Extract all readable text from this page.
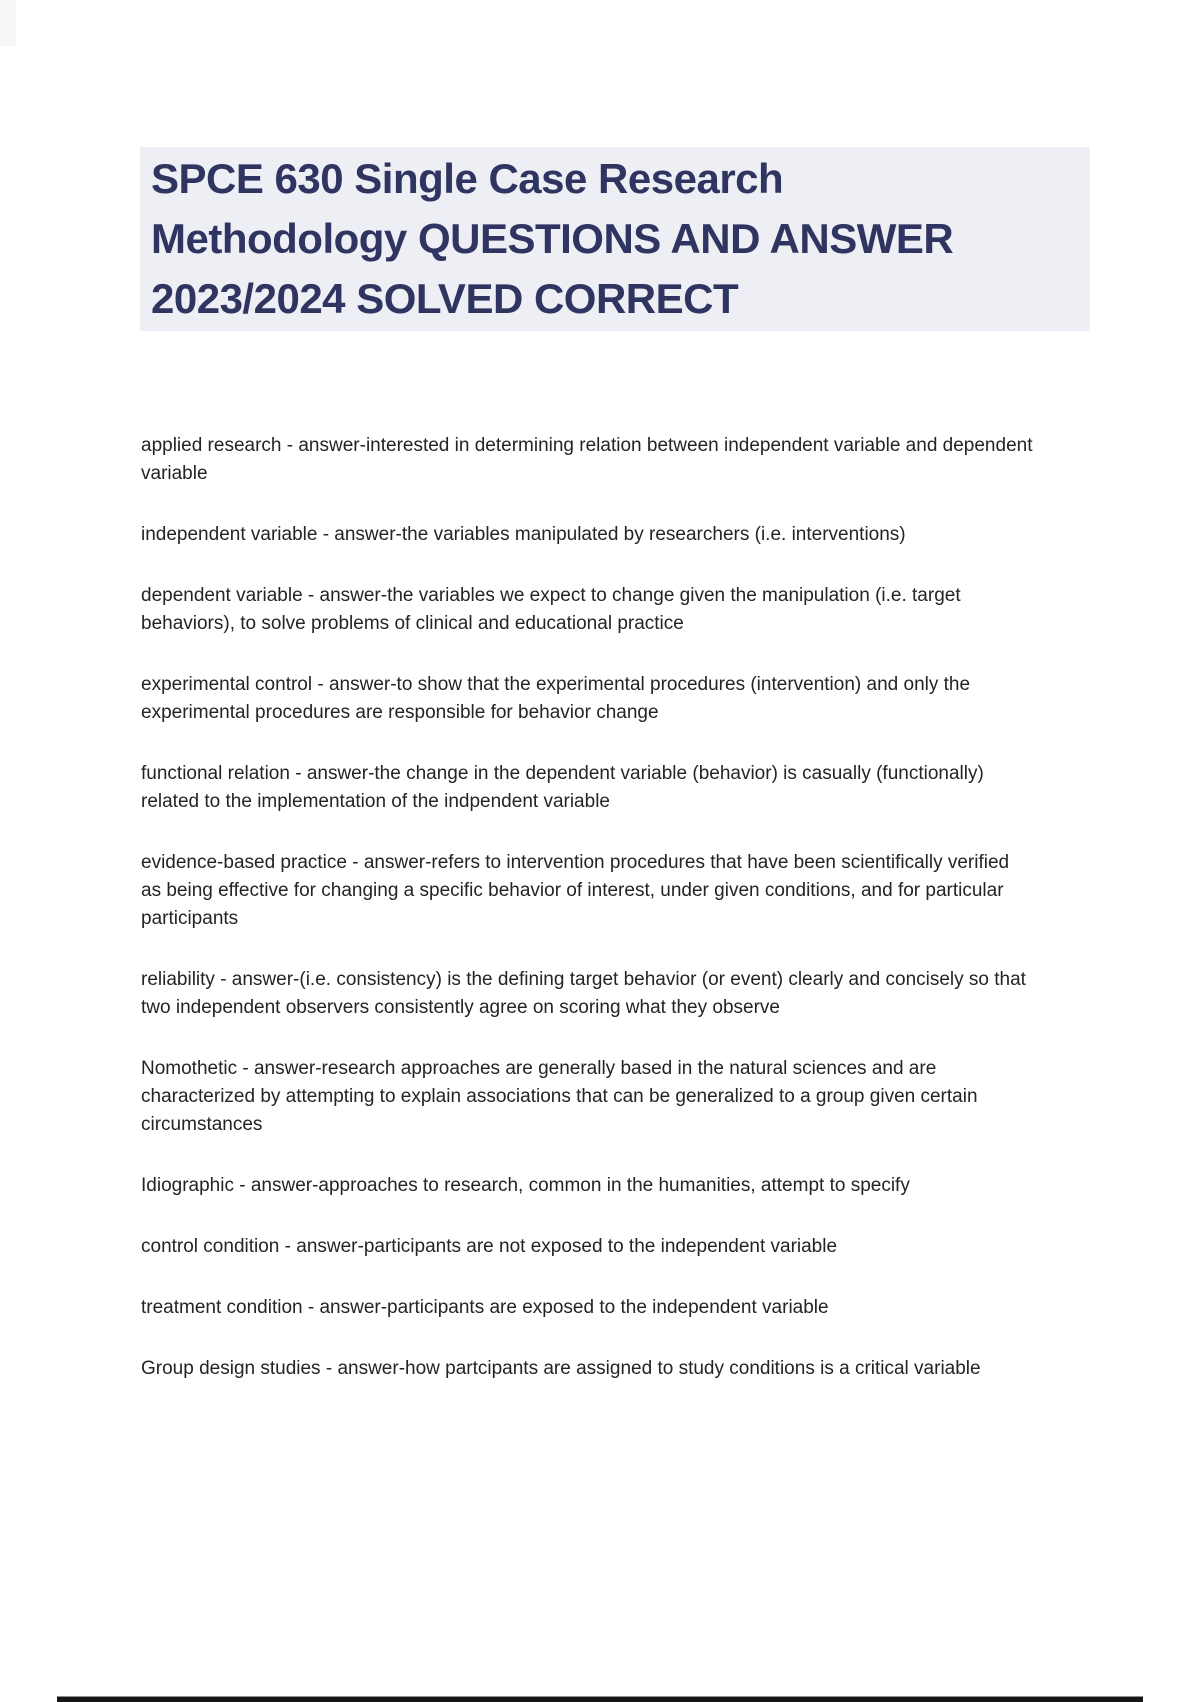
SPCE 630 Single Case Research
Methodology QUESTIONS AND ANSWER
2023/2024 SOLVED CORRECT

applied research - answer-interested in determining relation between independent variable and dependent variable

independent variable - answer-the variables manipulated by researchers (i.e. interventions)

dependent variable - answer-the variables we expect to change given the manipulation (i.e. target behaviors), to solve problems of clinical and educational practice

experimental control - answer-to show that the experimental procedures (intervention) and only the experimental procedures are responsible for behavior change

functional relation - answer-the change in the dependent variable (behavior) is casually (functionally) related to the implementation of the indpendent variable

evidence-based practice - answer-refers to intervention procedures that have been scientifically verified as being effective for changing a specific behavior of interest, under given conditions, and for particular participants

reliability - answer-(i.e. consistency) is the defining target behavior (or event) clearly and concisely so that two independent observers consistently agree on scoring what they observe

Nomothetic - answer-research approaches are generally based in the natural sciences and are characterized by attempting to explain associations that can be generalized to a group given certain circumstances

Idiographic - answer-approaches to research, common in the humanities, attempt to specify

control condition - answer-participants are not exposed to the independent variable

treatment condition - answer-participants are exposed to the independent variable

Group design studies - answer-how partcipants are assigned to study conditions is a critical variable
